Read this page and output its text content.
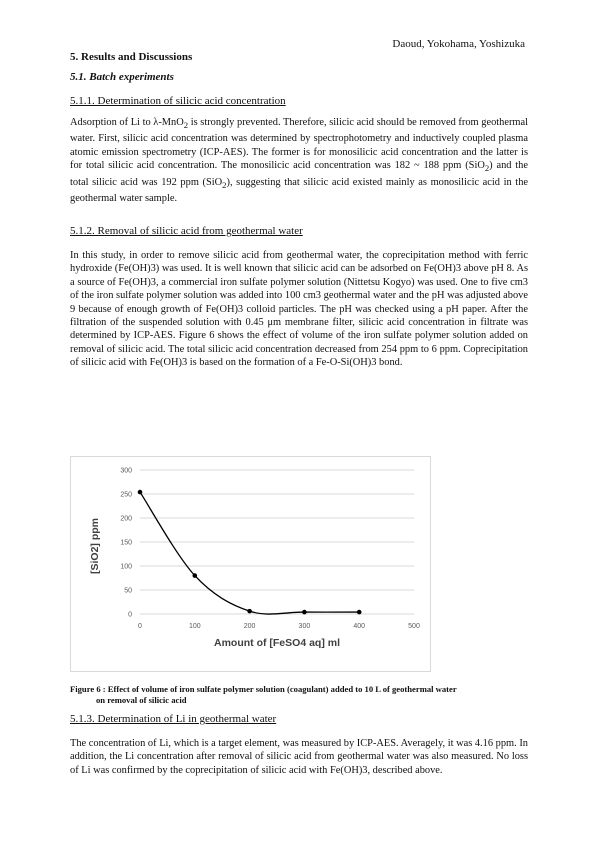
Daoud, Yokohama, Yoshizuka
5. Results and Discussions
5.1. Batch experiments
5.1.1. Determination of silicic acid concentration

Adsorption of Li to λ-MnO$_2$ is strongly prevented. Therefore, silicic acid should be removed from geothermal water. First, silicic acid concentration was determined by spectrophotometry and inductively coupled plasma atomic emission spectrometry (ICP-AES). The former is for monosilicic acid concentration and the latter is for total silicic acid concentration. The monosilicic acid concentration was 182 ~ 188 ppm (SiO$_2$) and the total silicic acid was 192 ppm (SiO$_2$), suggesting that silicic acid existed mainly as monosilicic acid in the geothermal water sample.

5.1.2. Removal of silicic acid from geothermal water

In this study, in order to remove silicic acid from geothermal water, the coprecipitation method with ferric hydroxide (Fe(OH)3) was used. It is well known that silicic acid can be adsorbed on Fe(OH)3 above pH 8. As a source of Fe(OH)3, a commercial iron sulfate polymer solution (Nittetsu Kogyo) was used. One to five cm3 of the iron sulfate polymer solution was added into 100 cm3 geothermal water and the pH was adjusted above 9 because of enough growth of Fe(OH)3 colloid particles. The pH was checked using a pH paper. After the filtration of the suspended solution with 0.45 μm membrane filter, silicic acid concentration in filtrate was determined by ICP-AES. Figure 6 shows the effect of volume of the iron sulfate polymer solution added on removal of silicic acid. The total silicic acid concentration decreased from 254 ppm to 6 ppm. Coprecipitation of silicic acid with Fe(OH)3 is based on the formation of a Fe-O-Si(OH)3 bond.

0
50
100
150
200
250
300
0	100	200	300	400	500
Amount of [FeSO4 aq] ml
[SiO2] ppm
Figure 6 : Effect of volume of iron sulfate polymer solution (coagulant) added to 10 L of geothermal water
on removal of silicic acid
5.1.3. Determination of Li in geothermal water

The concentration of Li, which is a target element, was measured by ICP-AES. Averagely, it was 4.16 ppm. In addition, the Li concentration after removal of silicic acid from geothermal water was also measured. No loss of Li was confirmed by the coprecipitation of silicic acid with Fe(OH)3, described above.
